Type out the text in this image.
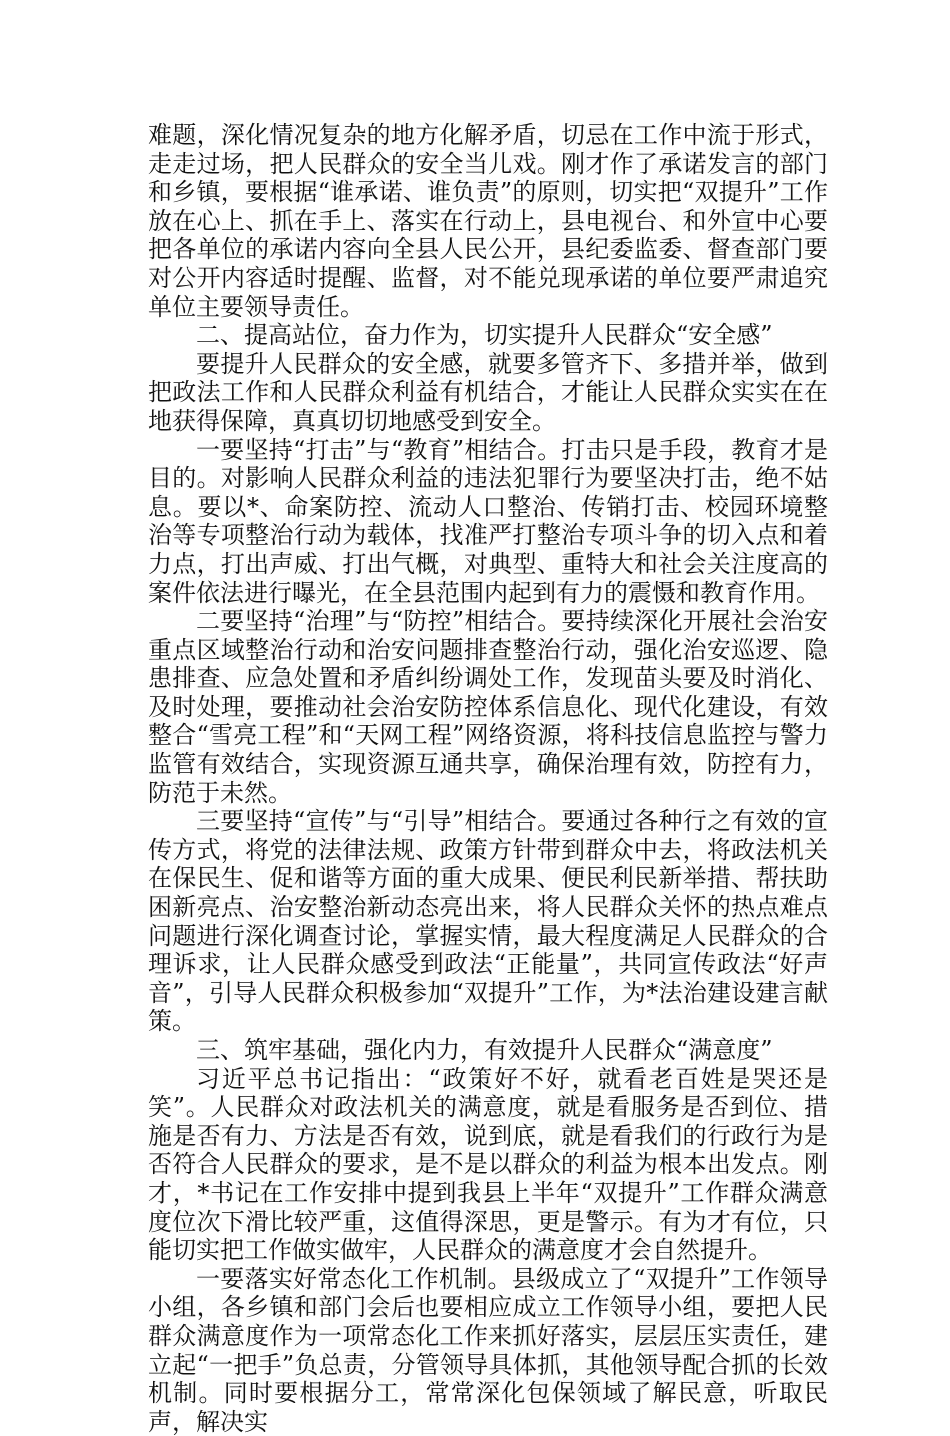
难题，深化情况复杂的地方化解矛盾，切忌在工作中流于形式，走走过场，把人民群众的安全当儿戏。刚才作了承诺发言的部门和乡镇，要根据“谁承诺、谁负责”的原则，切实把“双提升”工作放在心上、抓在手上、落实在行动上，县电视台、和外宣中心要把各单位的承诺内容向全县人民公开，县纪委监委、督查部门要对公开内容适时提醒、监督，对不能兑现承诺的单位要严肃追究单位主要领导责任。

二、提高站位，奋力作为，切实提升人民群众“安全感”

要提升人民群众的安全感，就要多管齐下、多措并举，做到把政法工作和人民群众利益有机结合，才能让人民群众实实在在地获得保障，真真切切地感受到安全。

一要坚持“打击”与“教育”相结合。打击只是手段，教育才是目的。对影响人民群众利益的违法犯罪行为要坚决打击，绝不姑息。要以*、命案防控、流动人口整治、传销打击、校园环境整治等专项整治行动为载体，找准严打整治专项斗争的切入点和着力点，打出声威、打出气概，对典型、重特大和社会关注度高的案件依法进行曝光，在全县范围内起到有力的震慑和教育作用。

二要坚持“治理”与“防控”相结合。要持续深化开展社会治安重点区域整治行动和治安问题排查整治行动，强化治安巡逻、隐患排查、应急处置和矛盾纠纷调处工作，发现苗头要及时消化、及时处理，要推动社会治安防控体系信息化、现代化建设，有效整合“雪亮工程”和“天网工程”网络资源，将科技信息监控与警力监管有效结合，实现资源互通共享，确保治理有效，防控有力，防范于未然。

三要坚持“宣传”与“引导”相结合。要通过各种行之有效的宣传方式，将党的法律法规、政策方针带到群众中去，将政法机关在保民生、促和谐等方面的重大成果、便民利民新举措、帮扶助困新亮点、治安整治新动态亮出来，将人民群众关怀的热点难点问题进行深化调查讨论，掌握实情，最大程度满足人民群众的合理诉求，让人民群众感受到政法“正能量”，共同宣传政法“好声音”，引导人民群众积极参加“双提升”工作，为*法治建设建言献策。

三、筑牢基础，强化内力，有效提升人民群众“满意度”

习近平总书记指出：“政策好不好，就看老百姓是哭还是笑”。人民群众对政法机关的满意度，就是看服务是否到位、措施是否有力、方法是否有效，说到底，就是看我们的行政行为是否符合人民群众的要求，是不是以群众的利益为根本出发点。刚才，*书记在工作安排中提到我县上半年“双提升”工作群众满意度位次下滑比较严重，这值得深思，更是警示。有为才有位，只能切实把工作做实做牢，人民群众的满意度才会自然提升。

一要落实好常态化工作机制。县级成立了“双提升”工作领导小组，各乡镇和部门会后也要相应成立工作领导小组，要把人民群众满意度作为一项常态化工作来抓好落实，层层压实责任，建立起“一把手”负总责，分管领导具体抓，其他领导配合抓的长效机制。同时要根据分工，常常深化包保领域了解民意，听取民声，解决实
